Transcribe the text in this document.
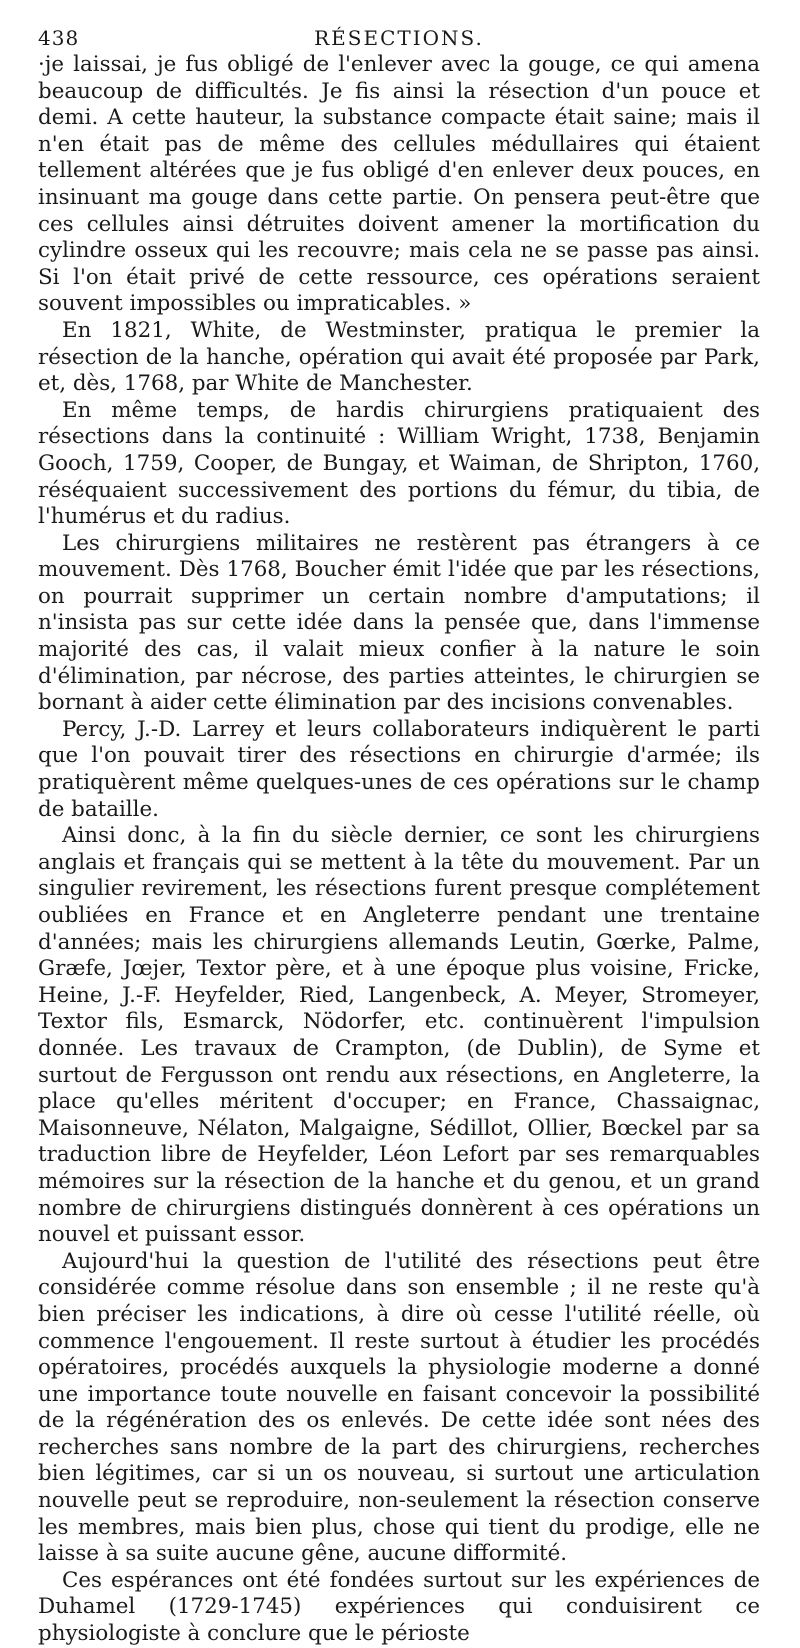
438	RÉSECTIONS.

·je laissai, je fus obligé de l'enlever avec la gouge, ce qui amena beaucoup de difficultés. Je fis ainsi la résection d'un pouce et demi. A cette hauteur, la substance compacte était saine; mais il n'en était pas de même des cellules médullaires qui étaient tellement altérées que je fus obligé d'en enlever deux pouces, en insinuant ma gouge dans cette partie. On pensera peut-être que ces cellules ainsi détruites doivent amener la mortification du cylindre osseux qui les recouvre; mais cela ne se passe pas ainsi. Si l'on était privé de cette ressource, ces opérations seraient souvent impossibles ou impraticables. »

En 1821, White, de Westminster, pratiqua le premier la résection de la hanche, opération qui avait été proposée par Park, et, dès, 1768, par White de Manchester.

En même temps, de hardis chirurgiens pratiquaient des résections dans la continuité : William Wright, 1738, Benjamin Gooch, 1759, Cooper, de Bungay, et Waiman, de Shripton, 1760, réséquaient successivement des portions du fémur, du tibia, de l'humérus et du radius.

Les chirurgiens militaires ne restèrent pas étrangers à ce mouvement. Dès 1768, Boucher émit l'idée que par les résections, on pourrait supprimer un certain nombre d'amputations; il n'insista pas sur cette idée dans la pensée que, dans l'immense majorité des cas, il valait mieux confier à la nature le soin d'élimination, par nécrose, des parties atteintes, le chirurgien se bornant à aider cette élimination par des incisions convenables.

Percy, J.-D. Larrey et leurs collaborateurs indiquèrent le parti que l'on pouvait tirer des résections en chirurgie d'armée; ils pratiquèrent même quelques-unes de ces opérations sur le champ de bataille.

Ainsi donc, à la fin du siècle dernier, ce sont les chirurgiens anglais et français qui se mettent à la tête du mouvement. Par un singulier revirement, les résections furent presque complétement oubliées en France et en Angleterre pendant une trentaine d'années; mais les chirurgiens allemands Leutin, Gœrke, Palme, Græfe, Jœjer, Textor père, et à une époque plus voisine, Fricke, Heine, J.-F. Heyfelder, Ried, Langenbeck, A. Meyer, Stromeyer, Textor fils, Esmarck, Nödorfer, etc. continuèrent l'impulsion donnée. Les travaux de Crampton, (de Dublin), de Syme et surtout de Fergusson ont rendu aux résections, en Angleterre, la place qu'elles méritent d'occuper; en France, Chassaignac, Maisonneuve, Nélaton, Malgaigne, Sédillot, Ollier, Bœckel par sa traduction libre de Heyfelder, Léon Lefort par ses remarquables mémoires sur la résection de la hanche et du genou, et un grand nombre de chirurgiens distingués donnèrent à ces opérations un nouvel et puissant essor.

Aujourd'hui la question de l'utilité des résections peut être considérée comme résolue dans son ensemble ; il ne reste qu'à bien préciser les indications, à dire où cesse l'utilité réelle, où commence l'engouement. Il reste surtout à étudier les procédés opératoires, procédés auxquels la physiologie moderne a donné une importance toute nouvelle en faisant concevoir la possibilité de la régénération des os enlevés. De cette idée sont nées des recherches sans nombre de la part des chirurgiens, recherches bien légitimes, car si un os nouveau, si surtout une articulation nouvelle peut se reproduire, non-seulement la résection conserve les membres, mais bien plus, chose qui tient du prodige, elle ne laisse à sa suite aucune gêne, aucune difformité.

Ces espérances ont été fondées surtout sur les expériences de Duhamel (1729-1745) expériences qui conduisirent ce physiologiste à conclure que le périoste
